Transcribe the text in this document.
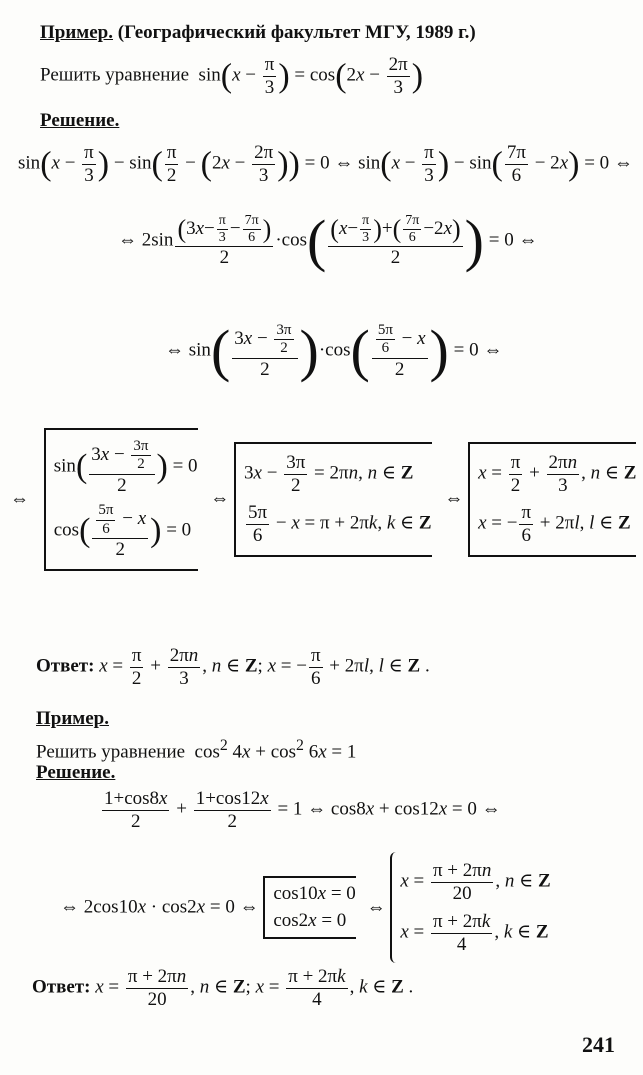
Пример. (Географический факультет МГУ, 1989 г.)
Решить уравнение  $\sin(x - \frac{\pi}{3}$ ) = $\cos(2x - \frac{2\pi}{3}$ )
Решение.
$\sin(x - \frac{\pi}{3}$ ) − $\sin( \frac{\pi}{2} - (2x - \frac{2\pi}{3}$ )) = 0 ⇔ $\sin(x - \frac{\pi}{3}$ ) − $\sin( \frac{7\pi}{6} - 2x) = 0$ ⇔
⇔ $2\sin \frac{(3x- \frac{\pi}{3} - \frac{7\pi}{6} )}{2} \cdot\cos( \frac{(x- \frac{\pi}{3} )+( \frac{7\pi}{6} -2x)}{2}$ ) = 0 ⇔
⇔ $\sin( \frac{3x - \frac{3\pi}{2}}{2} )\cdot\cos( \frac{\frac{5\pi}{6} - x}{2}$ ) = 0 ⇔
⇔
$\sin( \frac{3x - \frac{3\pi}{2}}{2}$ ) = 0
$\cos( \frac{\frac{5\pi}{6} - x}{2}$ ) = 0
⇔
$3x - \frac{3\pi}{2} = 2\pi n$, n ∈ Z
$\frac{5\pi}{6} - x = \pi + 2\pi k$, k ∈ Z
⇔
$x = \frac{\pi}{2} + \frac{2\pi n}{3}$ , n ∈ Z
x = − $\frac{\pi}{6} + 2\pi l$, l ∈ Z
Ответ: $x = \frac{\pi}{2} + \frac{2\pi n}{3}$ , n ∈ Z; x = − $\frac{\pi}{6} + 2\pi l$, l ∈ Z .
Пример.
Решить уравнение  $\cos^2 4x + \cos^2 6x = 1$
Решение.
$\frac{1+\cos 8x}{2} + \frac{1+\cos 12x}{2} = 1$ ⇔ cos8x + cos12x = 0 ⇔
⇔ 2cos10x · cos2x = 0 ⇔
cos10x = 0
cos2x = 0
⇔
$x = \frac{\pi + 2\pi n}{20}$ , n ∈ Z
$x = \frac{\pi + 2\pi k}{4}$ , k ∈ Z
Ответ: $x = \frac{\pi + 2\pi n}{20}$ , n ∈ Z; $x = \frac{\pi + 2\pi k}{4}$ , k ∈ Z .
241
